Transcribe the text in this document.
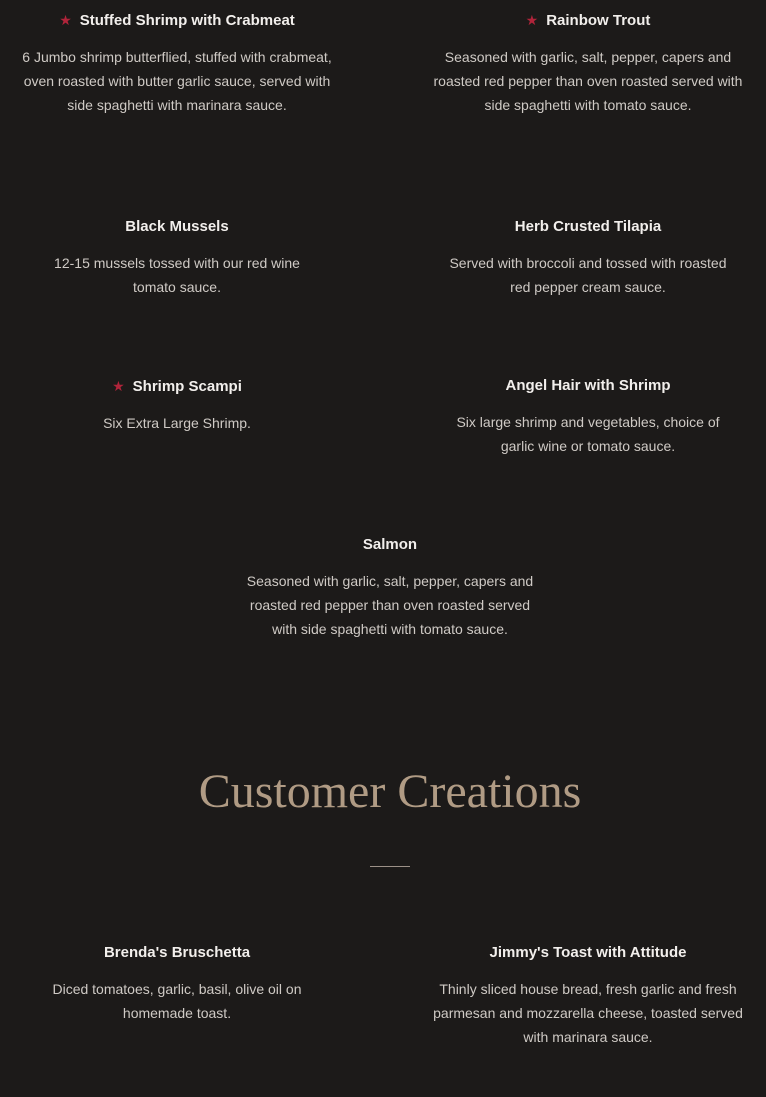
★ Stuffed Shrimp with Crabmeat

6 Jumbo shrimp butterflied, stuffed with crabmeat, oven roasted with butter garlic sauce, served with side spaghetti with marinara sauce.

★ Rainbow Trout

Seasoned with garlic, salt, pepper, capers and roasted red pepper than oven roasted served with side spaghetti with tomato sauce.

Black Mussels

12-15 mussels tossed with our red wine tomato sauce.

Herb Crusted Tilapia

Served with broccoli and tossed with roasted red pepper cream sauce.

★ Shrimp Scampi

Six Extra Large Shrimp.

Angel Hair with Shrimp

Six large shrimp and vegetables, choice of garlic wine or tomato sauce.

Salmon

Seasoned with garlic, salt, pepper, capers and roasted red pepper than oven roasted served with side spaghetti with tomato sauce.

Customer Creations

Brenda's Bruschetta

Diced tomatoes, garlic, basil, olive oil on homemade toast.

Jimmy's Toast with Attitude

Thinly sliced house bread, fresh garlic and fresh parmesan and mozzarella cheese, toasted served with marinara sauce.
